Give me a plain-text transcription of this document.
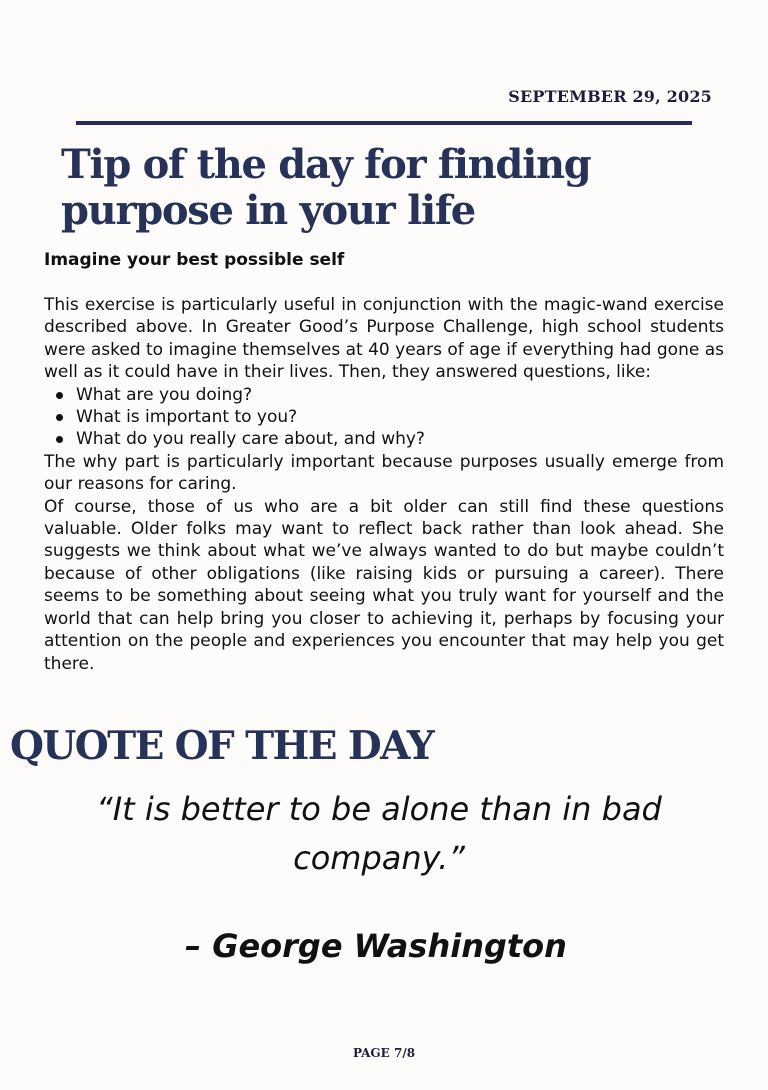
SEPTEMBER 29, 2025
Tip of the day for finding purpose in your life
Imagine your best possible self

This exercise is particularly useful in conjunction with the magic-wand exercise described above. In Greater Good’s Purpose Challenge, high school students were asked to imagine themselves at 40 years of age if everything had gone as well as it could have in their lives. Then, they answered questions, like:

What are you doing?
What is important to you?
What do you really care about, and why?

The why part is particularly important because purposes usually emerge from our reasons for caring.

Of course, those of us who are a bit older can still find these questions valuable. Older folks may want to reflect back rather than look ahead. She suggests we think about what we’ve always wanted to do but maybe couldn’t because of other obligations (like raising kids or pursuing a career). There seems to be something about seeing what you truly want for yourself and the world that can help bring you closer to achieving it, perhaps by focusing your attention on the people and experiences you encounter that may help you get there.

QUOTE OF THE DAY
“It is better to be alone than in bad company.”
– George Washington
PAGE 7/8
